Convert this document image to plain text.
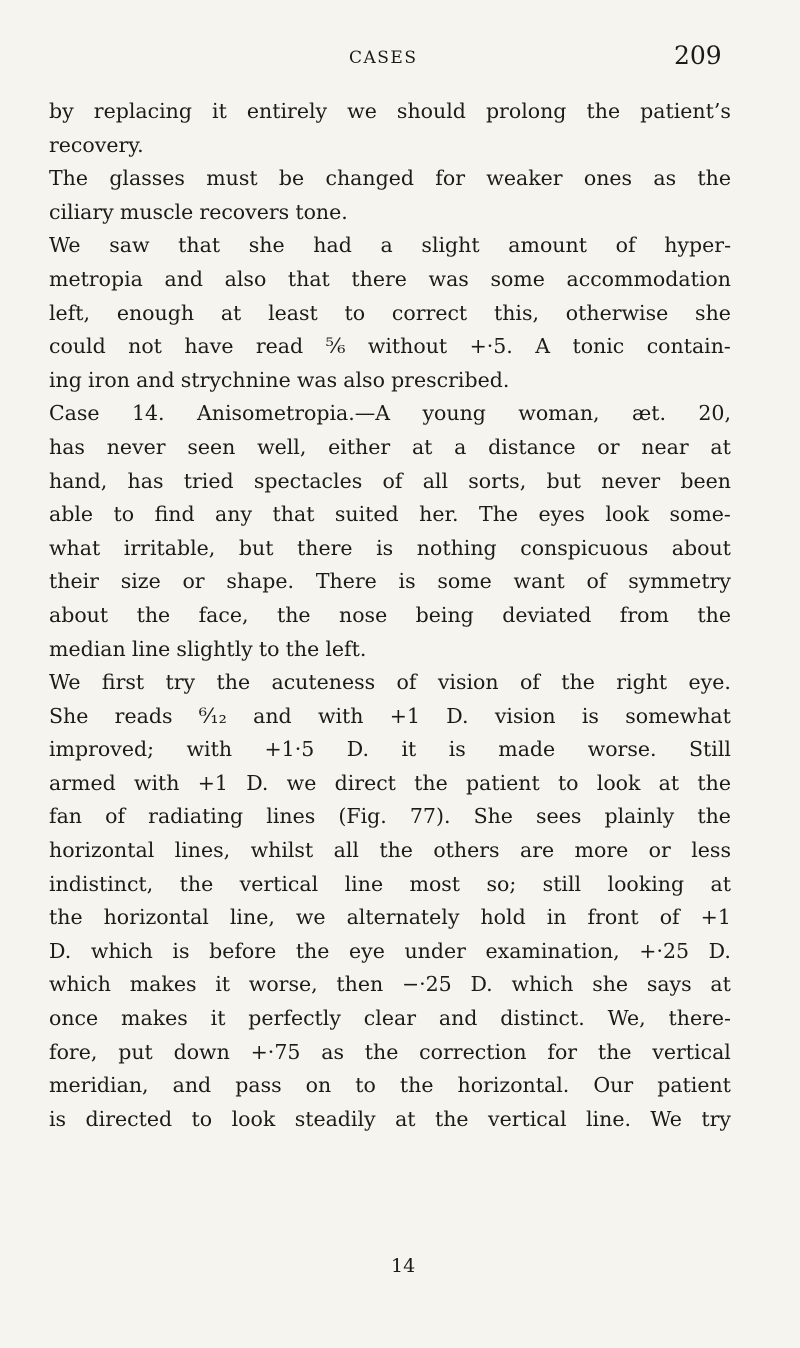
CASES	209
by replacing it entirely we should prolong the patient’s
recovery.
The glasses must be changed for weaker ones as the
ciliary muscle recovers tone.
We saw that she had a slight amount of hyper-
metropia and also that there was some accommodation
left, enough at least to correct this, otherwise she
could not have read ⁵⁄₆ without +·5. A tonic contain-
ing iron and strychnine was also prescribed.
Case 14. Anisometropia.—A young woman, æt. 20,
has never seen well, either at a distance or near at
hand, has tried spectacles of all sorts, but never been
able to find any that suited her. The eyes look some-
what irritable, but there is nothing conspicuous about
their size or shape. There is some want of symmetry
about the face, the nose being deviated from the
median line slightly to the left.
We first try the acuteness of vision of the right eye.
She reads ⁶⁄₁₂ and with +1 D. vision is somewhat
improved; with +1·5 D. it is made worse. Still
armed with +1 D. we direct the patient to look at the
fan of radiating lines (Fig. 77). She sees plainly the
horizontal lines, whilst all the others are more or less
indistinct, the vertical line most so; still looking at
the horizontal line, we alternately hold in front of +1
D. which is before the eye under examination, +·25 D.
which makes it worse, then −·25 D. which she says at
once makes it perfectly clear and distinct. We, there-
fore, put down +·75 as the correction for the vertical
meridian, and pass on to the horizontal. Our patient
is directed to look steadily at the vertical line. We try
14
